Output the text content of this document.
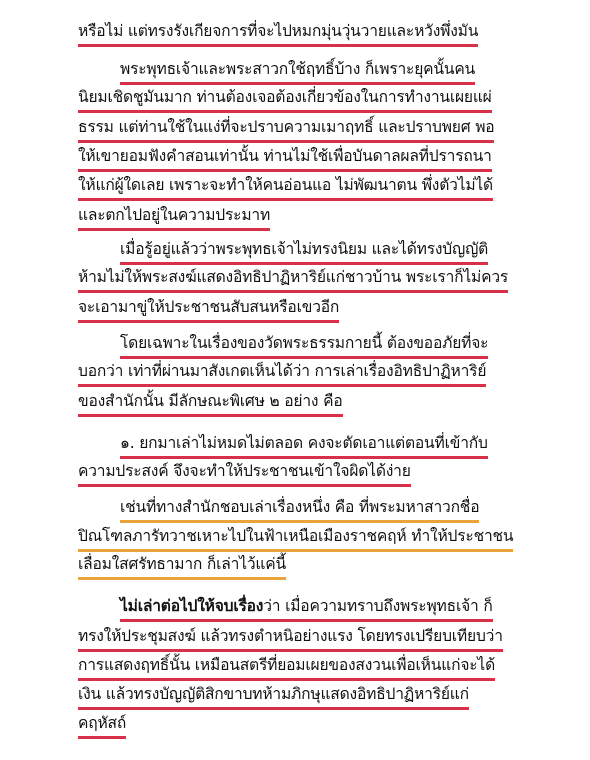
หรือไม่ แต่ทรงรังเกียจการที่จะไปหมกมุ่นวุ่นวายและหวังพึ่งมัน
พระพุทธเจ้าและพระสาวกใช้ฤทธิ์บ้าง ก็เพราะยุคนั้นคน
นิยมเชิดชูมันมาก ท่านต้องเจอต้องเกี่ยวข้องในการทำงานเผยแผ่
ธรรม แต่ท่านใช้ในแง่ที่จะปราบความเมาฤทธิ์ และปราบพยศ พอ
ให้เขายอมฟังคำสอนเท่านั้น ท่านไม่ใช้เพื่อบันดาลผลที่ปรารถนา
ให้แก่ผู้ใดเลย เพราะจะทำให้คนอ่อนแอ ไม่พัฒนาตน พึ่งตัวไม่ได้
และตกไปอยู่ในความประมาท
เมื่อรู้อยู่แล้วว่าพระพุทธเจ้าไม่ทรงนิยม และได้ทรงบัญญัติ
ห้ามไม่ให้พระสงฆ์แสดงอิทธิปาฏิหาริย์แก่ชาวบ้าน พระเราก็ไม่ควร
จะเอามาขู่ให้ประชาชนสับสนหรือเขวอีก
โดยเฉพาะในเรื่องของวัดพระธรรมกายนี้ ต้องขออภัยที่จะ
บอกว่า เท่าที่ผ่านมาสังเกตเห็นได้ว่า การเล่าเรื่องอิทธิปาฏิหาริย์
ของสำนักนั้น มีลักษณะพิเศษ ๒ อย่าง คือ
๑. ยกมาเล่าไม่หมดไม่ตลอด คงจะตัดเอาแต่ตอนที่เข้ากับ
ความประสงค์ จึงจะทำให้ประชาชนเข้าใจผิดได้ง่าย
เช่นที่ทางสำนักชอบเล่าเรื่องหนึ่ง คือ ที่พระมหาสาวกชื่อ
ปิณโฑลภารัทวาชเหาะไปในฟ้าเหนือเมืองราชคฤห์ ทำให้ประชาชน
เลื่อมใสศรัทธามาก ก็เล่าไว้แค่นี้
ไม่เล่าต่อไปให้จบเรื่องว่า เมื่อความทราบถึงพระพุทธเจ้า ก็
ทรงให้ประชุมสงฆ์ แล้วทรงตำหนิอย่างแรง โดยทรงเปรียบเทียบว่า
การแสดงฤทธิ์นั้น เหมือนสตรีที่ยอมเผยของสงวนเพื่อเห็นแก่จะได้
เงิน แล้วทรงบัญญัติสิกขาบทห้ามภิกษุแสดงอิทธิปาฏิหาริย์แก่
คฤหัสถ์
